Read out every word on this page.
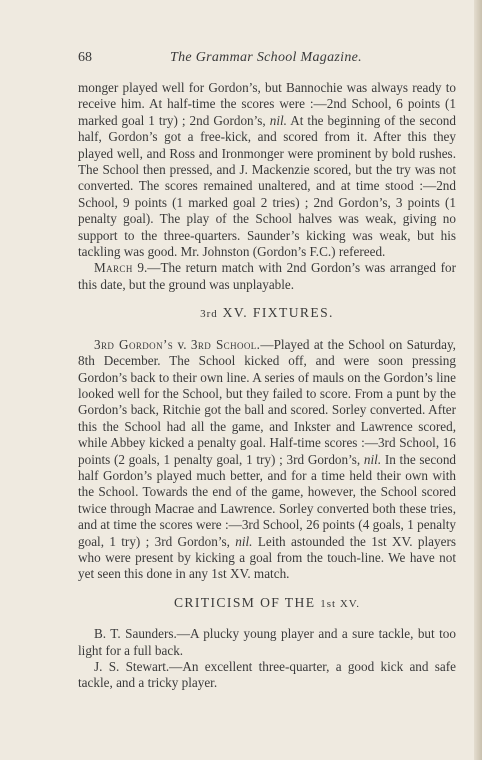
68	The Grammar School Magazine.

monger played well for Gordon’s, but Bannochie was always ready to receive him. At half-time the scores were :—2nd School, 6 points (1 marked goal 1 try) ; 2nd Gordon’s, nil. At the beginning of the second half, Gordon’s got a free-kick, and scored from it. After this they played well, and Ross and Ironmonger were prominent by bold rushes. The School then pressed, and J. Mackenzie scored, but the try was not converted. The scores remained unaltered, and at time stood :—2nd School, 9 points (1 marked goal 2 tries) ; 2nd Gordon’s, 3 points (1 penalty goal). The play of the School halves was weak, giving no support to the three-quarters. Saunder’s kicking was weak, but his tackling was good. Mr. Johnston (Gordon’s F.C.) refereed.

March 9.—The return match with 2nd Gordon’s was arranged for this date, but the ground was unplayable.

3rd XV. FIXTURES.

3rd Gordon’s v. 3rd School.—Played at the School on Saturday, 8th December. The School kicked off, and were soon pressing Gordon’s back to their own line. A series of mauls on the Gordon’s line looked well for the School, but they failed to score. From a punt by the Gordon’s back, Ritchie got the ball and scored. Sorley converted. After this the School had all the game, and Inkster and Lawrence scored, while Abbey kicked a penalty goal. Half-time scores :—3rd School, 16 points (2 goals, 1 penalty goal, 1 try) ; 3rd Gordon’s, nil. In the second half Gordon’s played much better, and for a time held their own with the School. Towards the end of the game, however, the School scored twice through Macrae and Lawrence. Sorley converted both these tries, and at time the scores were :—3rd School, 26 points (4 goals, 1 penalty goal, 1 try) ; 3rd Gordon’s, nil. Leith astounded the 1st XV. players who were present by kicking a goal from the touch-line. We have not yet seen this done in any 1st XV. match.

CRITICISM OF THE 1st XV.

B. T. Saunders.—A plucky young player and a sure tackle, but too light for a full back.

J. S. Stewart.—An excellent three-quarter, a good kick and safe tackle, and a tricky player.
